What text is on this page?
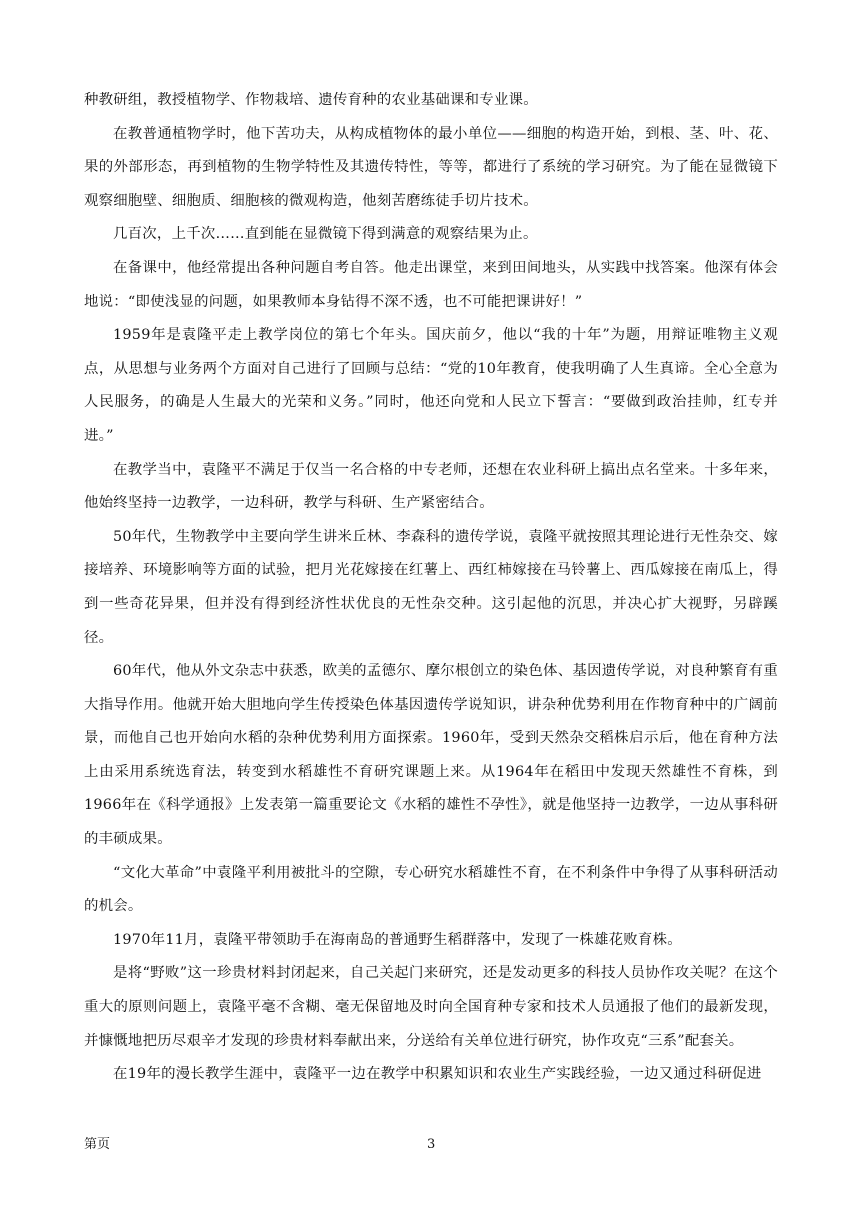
种教研组，教授植物学、作物栽培、遗传育种的农业基础课和专业课。

在教普通植物学时，他下苦功夫，从构成植物体的最小单位——细胞的构造开始，到根、茎、叶、花、果的外部形态，再到植物的生物学特性及其遗传特性，等等，都进行了系统的学习研究。为了能在显微镜下观察细胞壁、细胞质、细胞核的微观构造，他刻苦磨练徒手切片技术。

几百次，上千次……直到能在显微镜下得到满意的观察结果为止。

在备课中，他经常提出各种问题自考自答。他走出课堂，来到田间地头，从实践中找答案。他深有体会地说：“即使浅显的问题，如果教师本身钻得不深不透，也不可能把课讲好！”

1959年是袁隆平走上教学岗位的第七个年头。国庆前夕，他以“我的十年”为题，用辩证唯物主义观点，从思想与业务两个方面对自己进行了回顾与总结：“党的10年教育，使我明确了人生真谛。全心全意为人民服务，的确是人生最大的光荣和义务。”同时，他还向党和人民立下誓言：“要做到政治挂帅，红专并进。”

在教学当中，袁隆平不满足于仅当一名合格的中专老师，还想在农业科研上搞出点名堂来。十多年来，他始终坚持一边教学，一边科研，教学与科研、生产紧密结合。

50年代，生物教学中主要向学生讲米丘林、李森科的遗传学说，袁隆平就按照其理论进行无性杂交、嫁接培养、环境影响等方面的试验，把月光花嫁接在红薯上、西红柿嫁接在马铃薯上、西瓜嫁接在南瓜上，得到一些奇花异果，但并没有得到经济性状优良的无性杂交种。这引起他的沉思，并决心扩大视野，另辟蹊径。

60年代，他从外文杂志中获悉，欧美的孟德尔、摩尔根创立的染色体、基因遗传学说，对良种繁育有重大指导作用。他就开始大胆地向学生传授染色体基因遗传学说知识，讲杂种优势利用在作物育种中的广阔前景，而他自己也开始向水稻的杂种优势利用方面探索。1960年，受到天然杂交稻株启示后，他在育种方法上由采用系统选育法，转变到水稻雄性不育研究课题上来。从1964年在稻田中发现天然雄性不育株，到1966年在《科学通报》上发表第一篇重要论文《水稻的雄性不孕性》，就是他坚持一边教学，一边从事科研的丰硕成果。

“文化大革命”中袁隆平利用被批斗的空隙，专心研究水稻雄性不育，在不利条件中争得了从事科研活动的机会。

1970年11月，袁隆平带领助手在海南岛的普通野生稻群落中，发现了一株雄花败育株。

是将“野败”这一珍贵材料封闭起来，自己关起门来研究，还是发动更多的科技人员协作攻关呢？在这个重大的原则问题上，袁隆平毫不含糊、毫无保留地及时向全国育种专家和技术人员通报了他们的最新发现，并慷慨地把历尽艰辛才发现的珍贵材料奉献出来，分送给有关单位进行研究，协作攻克“三系”配套关。

在19年的漫长教学生涯中，袁隆平一边在教学中积累知识和农业生产实践经验，一边又通过科研促进

第页	3
